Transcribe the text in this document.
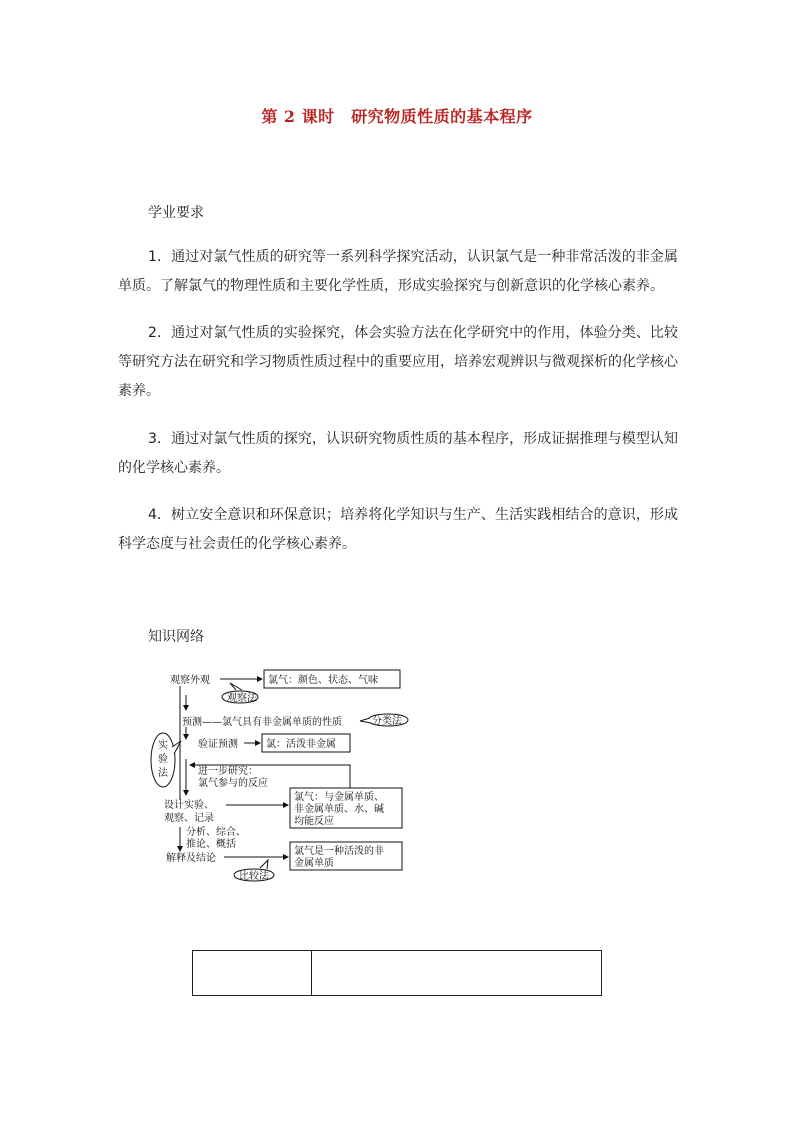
第 2 课时　研究物质性质的基本程序
学业要求
1．通过对氯气性质的研究等一系列科学探究活动，认识氯气是一种非常活泼的非金属单质。了解氯气的物理性质和主要化学性质，形成实验探究与创新意识的化学核心素养。
2．通过对氯气性质的实验探究，体会实验方法在化学研究中的作用，体验分类、比较等研究方法在研究和学习物质性质过程中的重要应用，培养宏观辨识与微观探析的化学核心素养。
3．通过对氯气性质的探究，认识研究物质性质的基本程序，形成证据推理与模型认知的化学核心素养。
4．树立安全意识和环保意识；培养将化学知识与生产、生活实践相结合的意识，形成科学态度与社会责任的化学核心素养。
知识网络
观察外观	氯气：颜色、状态、气味
观察法
预测——氯气具有非金属单质的性质	分类法
实
验
法
验证预测	氯：活泼非金属
进一步研究：
氯气参与的反应
设计实验、
观察、记录
氯气：与金属单质、
非金属单质、水、碱
均能反应
分析、综合、
推论、概括
解释及结论
氯气是一种活泼的非
金属单质
比较法
